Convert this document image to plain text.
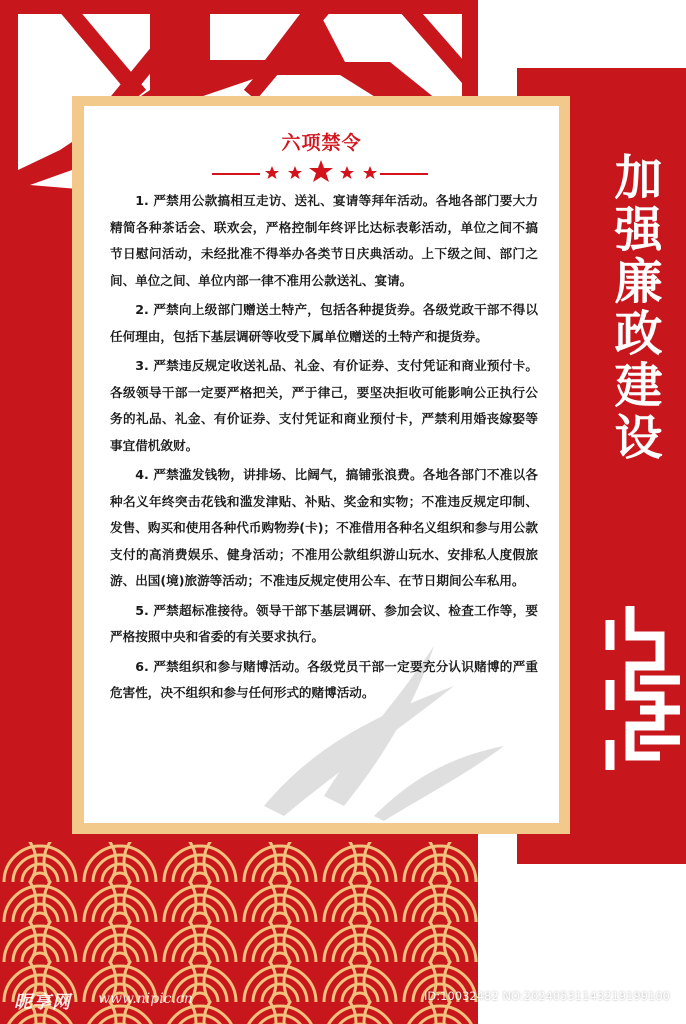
加强廉政建设
六项禁令

1. 严禁用公款搞相互走访、送礼、宴请等拜年活动。各地各部门要大力精简各种茶话会、联欢会，严格控制年终评比达标表彰活动，单位之间不搞节日慰问活动，未经批准不得举办各类节日庆典活动。上下级之间、部门之间、单位之间、单位内部一律不准用公款送礼、宴请。

2. 严禁向上级部门赠送土特产，包括各种提货券。各级党政干部不得以任何理由，包括下基层调研等收受下属单位赠送的土特产和提货券。

3. 严禁违反规定收送礼品、礼金、有价证券、支付凭证和商业预付卡。各级领导干部一定要严格把关，严于律己，要坚决拒收可能影响公正执行公务的礼品、礼金、有价证券、支付凭证和商业预付卡，严禁利用婚丧嫁娶等事宜借机敛财。

4. 严禁滥发钱物，讲排场、比阔气，搞铺张浪费。各地各部门不准以各种名义年终突击花钱和滥发津贴、补贴、奖金和实物；不准违反规定印制、发售、购买和使用各种代币购物券(卡)；不准借用各种名义组织和参与用公款支付的高消费娱乐、健身活动；不准用公款组织游山玩水、安排私人度假旅游、出国(境)旅游等活动；不准违反规定使用公车、在节日期间公车私用。

5. 严禁超标准接待。领导干部下基层调研、参加会议、检查工作等，要严格按照中央和省委的有关要求执行。

6. 严禁组织和参与赌博活动。各级党员干部一定要充分认识赌博的严重危害性，决不组织和参与任何形式的赌博活动。

昵享网 www.nipic.cn	ID:10032482 NO:20240531143219199100
